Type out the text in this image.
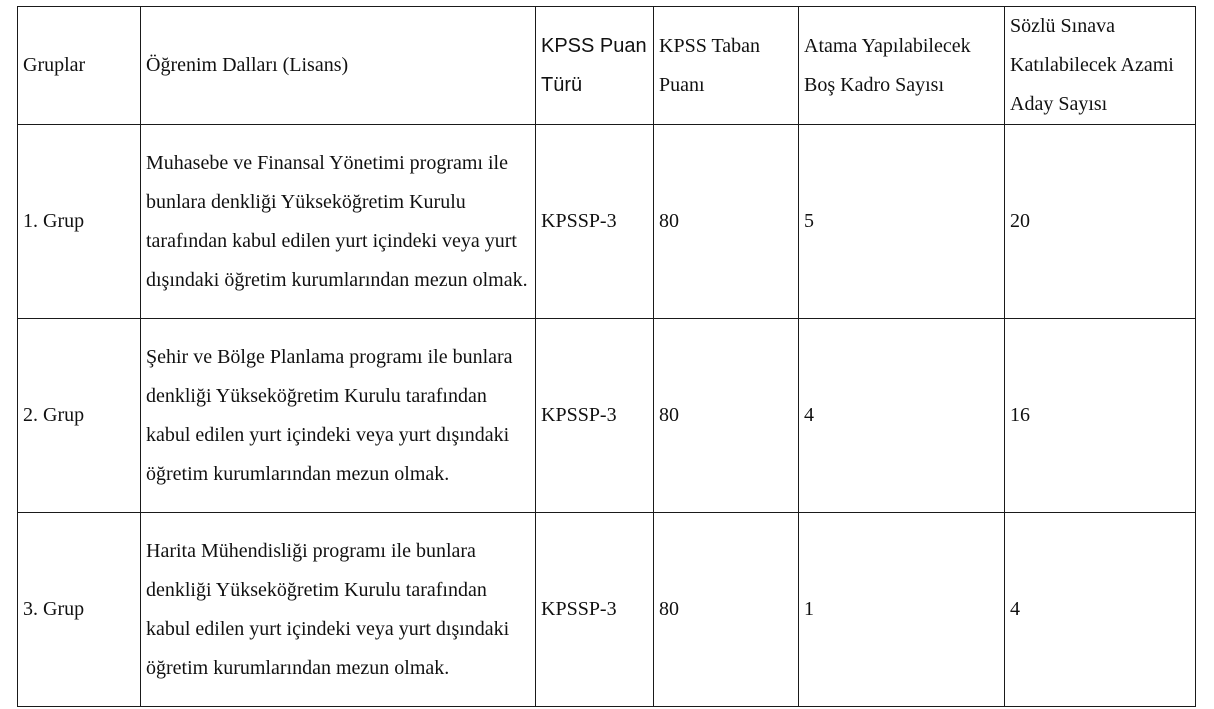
Gruplar	Öğrenim Dalları (Lisans)	KPSS Puan Türü	KPSS Taban Puanı	Atama Yapılabilecek Boş Kadro Sayısı	Sözlü Sınava Katılabilecek Azami Aday Sayısı

1. Grup	Muhasebe ve Finansal Yönetimi programı ile bunlara denkliği Yükseköğretim Kurulu tarafından kabul edilen yurt içindeki veya yurt dışındaki öğretim kurumlarından mezun olmak.	KPSSP-3	80	5	20

2. Grup	Şehir ve Bölge Planlama programı ile bunlara denkliği Yükseköğretim Kurulu tarafından kabul edilen yurt içindeki veya yurt dışındaki öğretim kurumlarından mezun olmak.	KPSSP-3	80	4	16

3. Grup	Harita Mühendisliği programı ile bunlara denkliği Yükseköğretim Kurulu tarafından kabul edilen yurt içindeki veya yurt dışındaki öğretim kurumlarından mezun olmak.	KPSSP-3	80	1	4
